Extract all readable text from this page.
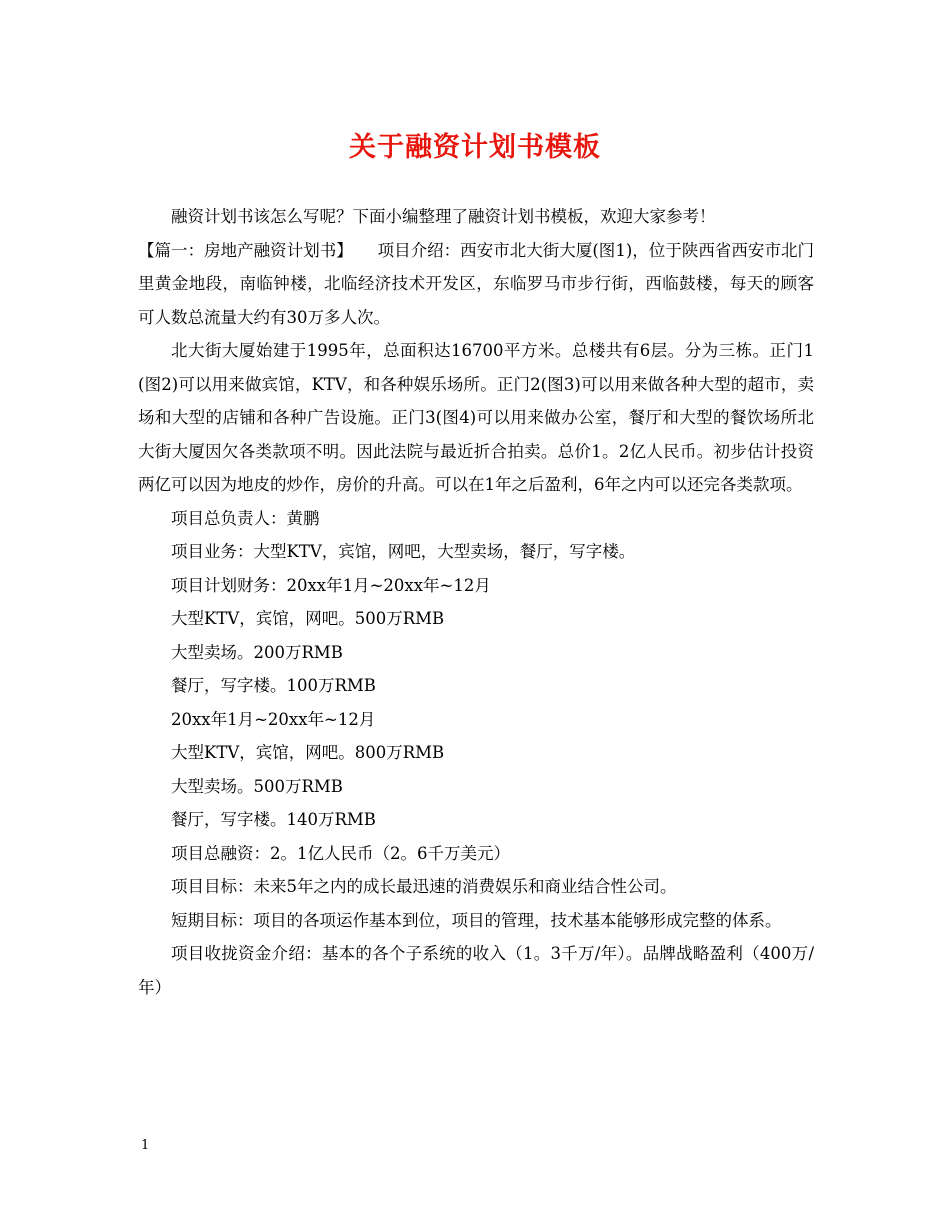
关于融资计划书模板

融资计划书该怎么写呢？下面小编整理了融资计划书模板，欢迎大家参考！

【篇一：房地产融资计划书】　　项目介绍：西安市北大街大厦(图1)，位于陕西省西安市北门里黄金地段，南临钟楼，北临经济技术开发区，东临罗马市步行街，西临鼓楼，每天的顾客可人数总流量大约有30万多人次。

北大街大厦始建于1995年，总面积达16700平方米。总楼共有6层。分为三栋。正门1(图2)可以用来做宾馆，KTV，和各种娱乐场所。正门2(图3)可以用来做各种大型的超市，卖场和大型的店铺和各种广告设施。正门3(图4)可以用来做办公室，餐厅和大型的餐饮场所北大街大厦因欠各类款项不明。因此法院与最近折合拍卖。总价1。2亿人民币。初步估计投资两亿可以因为地皮的炒作，房价的升高。可以在1年之后盈利，6年之内可以还完各类款项。

项目总负责人：黄鹏

项目业务：大型KTV，宾馆，网吧，大型卖场，餐厅，写字楼。

项目计划财务：20xx年1月~20xx年~12月

大型KTV，宾馆，网吧。500万RMB

大型卖场。200万RMB

餐厅，写字楼。100万RMB

20xx年1月~20xx年~12月

大型KTV，宾馆，网吧。800万RMB

大型卖场。500万RMB

餐厅，写字楼。140万RMB

项目总融资：2。1亿人民币（2。6千万美元）

项目目标：未来5年之内的成长最迅速的消费娱乐和商业结合性公司。

短期目标：项目的各项运作基本到位，项目的管理，技术基本能够形成完整的体系。

项目收拢资金介绍：基本的各个子系统的收入（1。3千万/年）。品牌战略盈利（400万/年）

1
